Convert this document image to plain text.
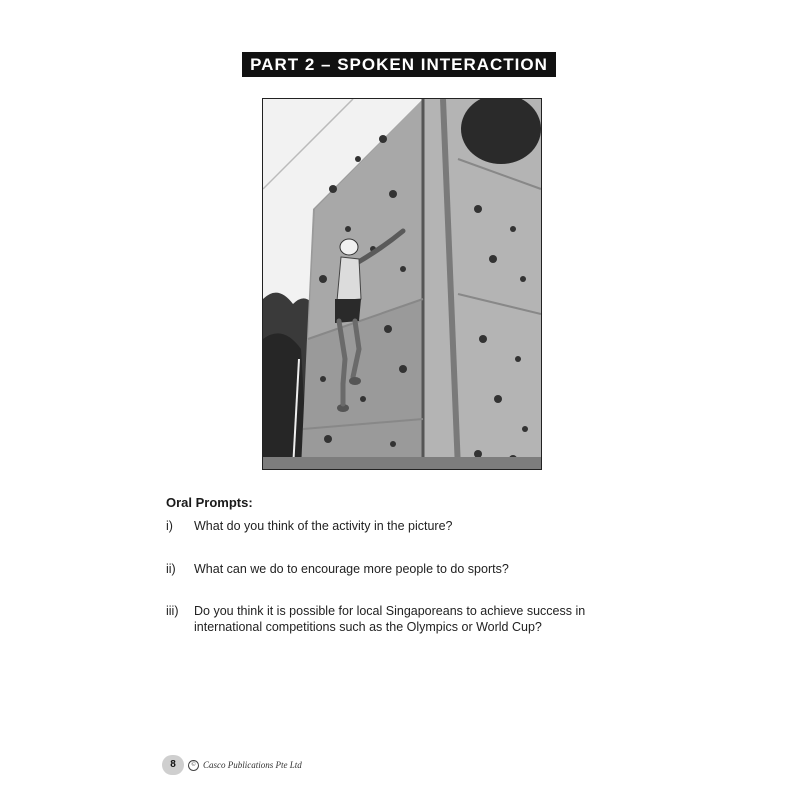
PART 2 – SPOKEN INTERACTION
Oral Prompts:
i)	What do you think of the activity in the picture?
ii)	What can we do to encourage more people to do sports?
iii)	Do you think it is possible for local Singaporeans to achieve success in international competitions such as the Olympics or World Cup?
8	© Casco Publications Pte Ltd
